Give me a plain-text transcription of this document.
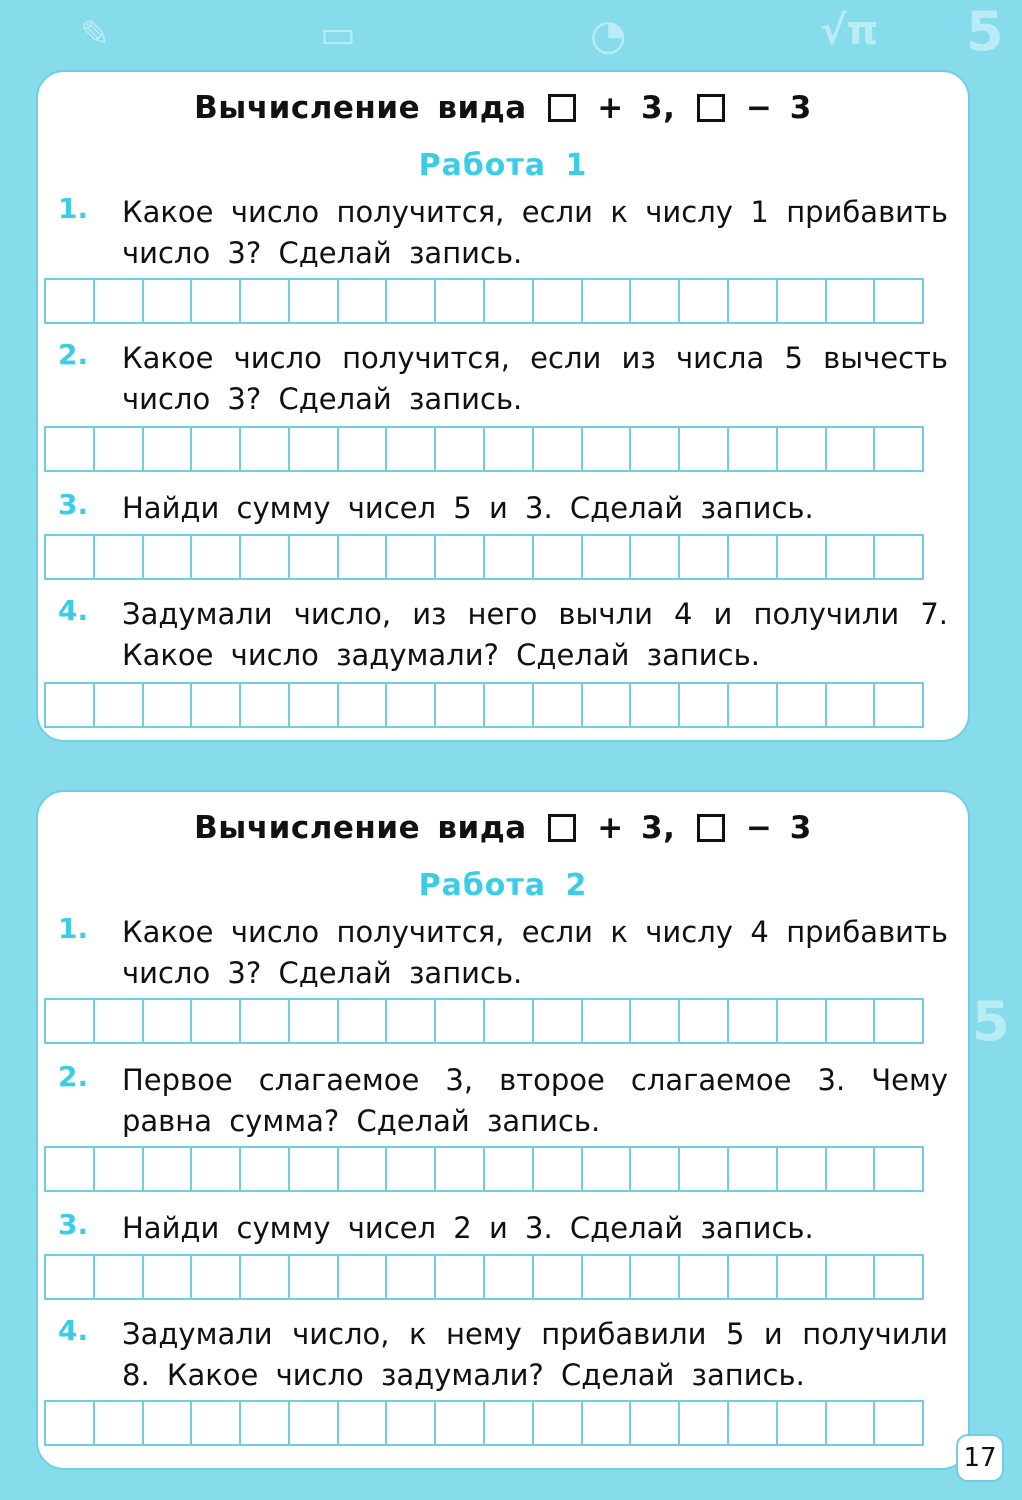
5
5
√π
✎	▭	◔
Вычисление вида + 3, − 3
Работа 1
1. Какое число получится, если к числу 1 прибавить число 3? Сделай запись.
2. Какое число получится, если из числа 5 вычесть число 3? Сделай запись.
3. Найди сумму чисел 5 и 3. Сделай запись.
4. Задумали число, из него вычли 4 и получили 7. Какое число задумали? Сделай запись.
Вычисление вида + 3, − 3
Работа 2
1. Какое число получится, если к числу 4 прибавить число 3? Сделай запись.
2. Первое слагаемое 3, второе слагаемое 3. Чему равна сумма? Сделай запись.
3. Найди сумму чисел 2 и 3. Сделай запись.
4. Задумали число, к нему прибавили 5 и получили 8. Какое число задумали? Сделай запись.
17
